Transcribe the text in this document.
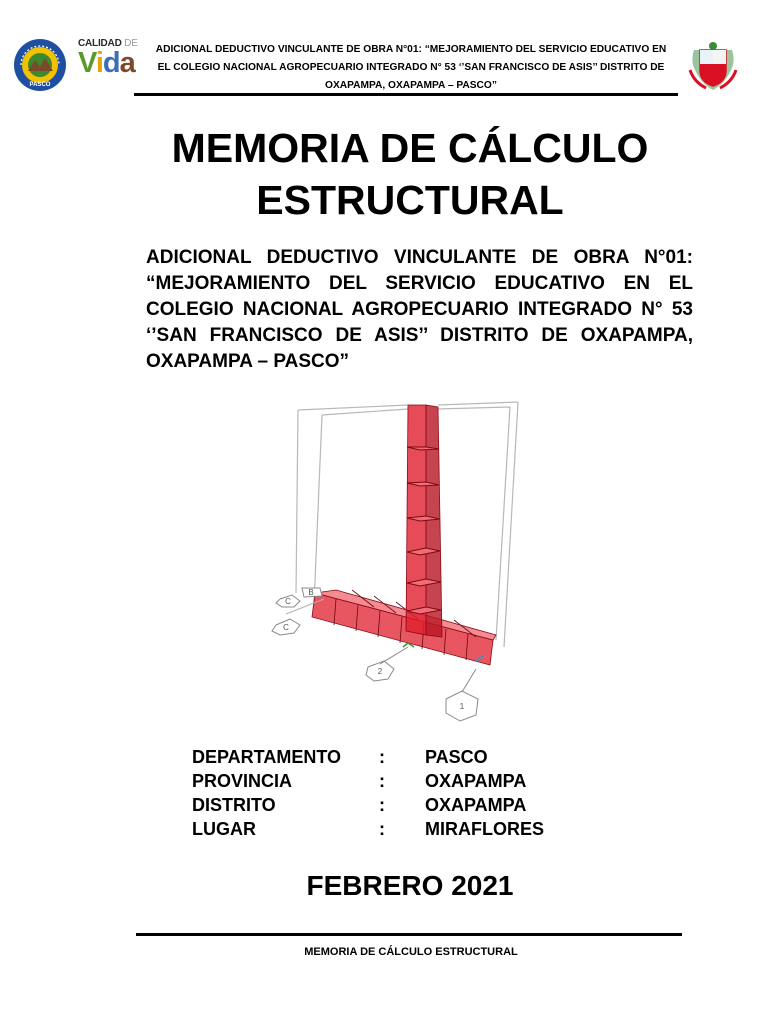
PASCO
CALIDAD DE
Vida	ADICIONAL DEDUCTIVO VINCULANTE DE OBRA N°01: “MEJORAMIENTO DEL SERVICIO EDUCATIVO EN EL COLEGIO NACIONAL AGROPECUARIO INTEGRADO N° 53 ‘’SAN FRANCISCO DE ASIS’’ DISTRITO DE OXAPAMPA, OXAPAMPA – PASCO”
MEMORIA DE CÁLCULO
ESTRUCTURAL
ADICIONAL DEDUCTIVO VINCULANTE DE OBRA N°01: “MEJORAMIENTO DEL SERVICIO EDUCATIVO EN EL COLEGIO NACIONAL AGROPECUARIO INTEGRADO N° 53 ‘’SAN FRANCISCO DE ASIS’’ DISTRITO DE OXAPAMPA, OXAPAMPA – PASCO”
B
C
C
2
1
DEPARTAMENTO : PASCO
PROVINCIA	: OXAPAMPA
DISTRITO	: OXAPAMPA
LUGAR	: MIRAFLORES
FEBRERO 2021
MEMORIA DE CÁLCULO ESTRUCTURAL
